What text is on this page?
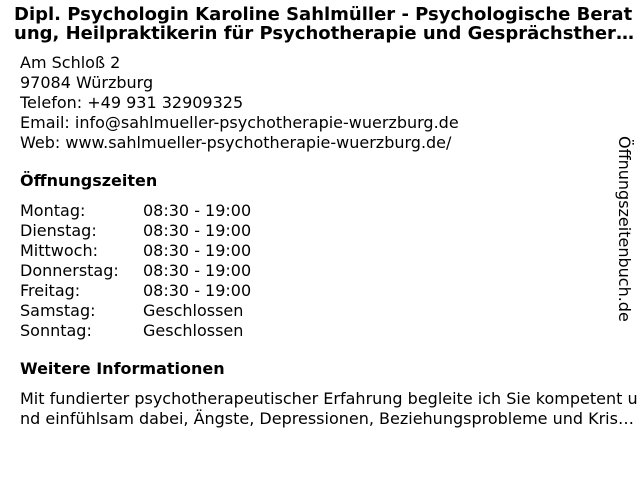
Dipl. Psychologin Karoline Sahlmüller - Psychologische Beratung, Heilpraktikerin für Psychotherapie und Gesprächsthera
Am Schloß 2
97084 Würzburg
Telefon: +49 931 32909325
Email: info@sahlmueller-psychotherapie-wuerzburg.de
Web: www.sahlmueller-psychotherapie-wuerzburg.de/
Öffnungszeiten
Montag:	08:30 - 19:00
Dienstag:	08:30 - 19:00
Mittwoch:	08:30 - 19:00
Donnerstag:	08:30 - 19:00
Freitag:	08:30 - 19:00
Samstag:	Geschlossen
Sonntag:	Geschlossen
Weitere Informationen
Mit fundierter psychotherapeutischer Erfahrung begleite ich Sie kompetent und einfühlsam dabei, Ängste, Depressionen, Beziehungsprobleme und Krisen
Öffnungszeitenbuch.de
